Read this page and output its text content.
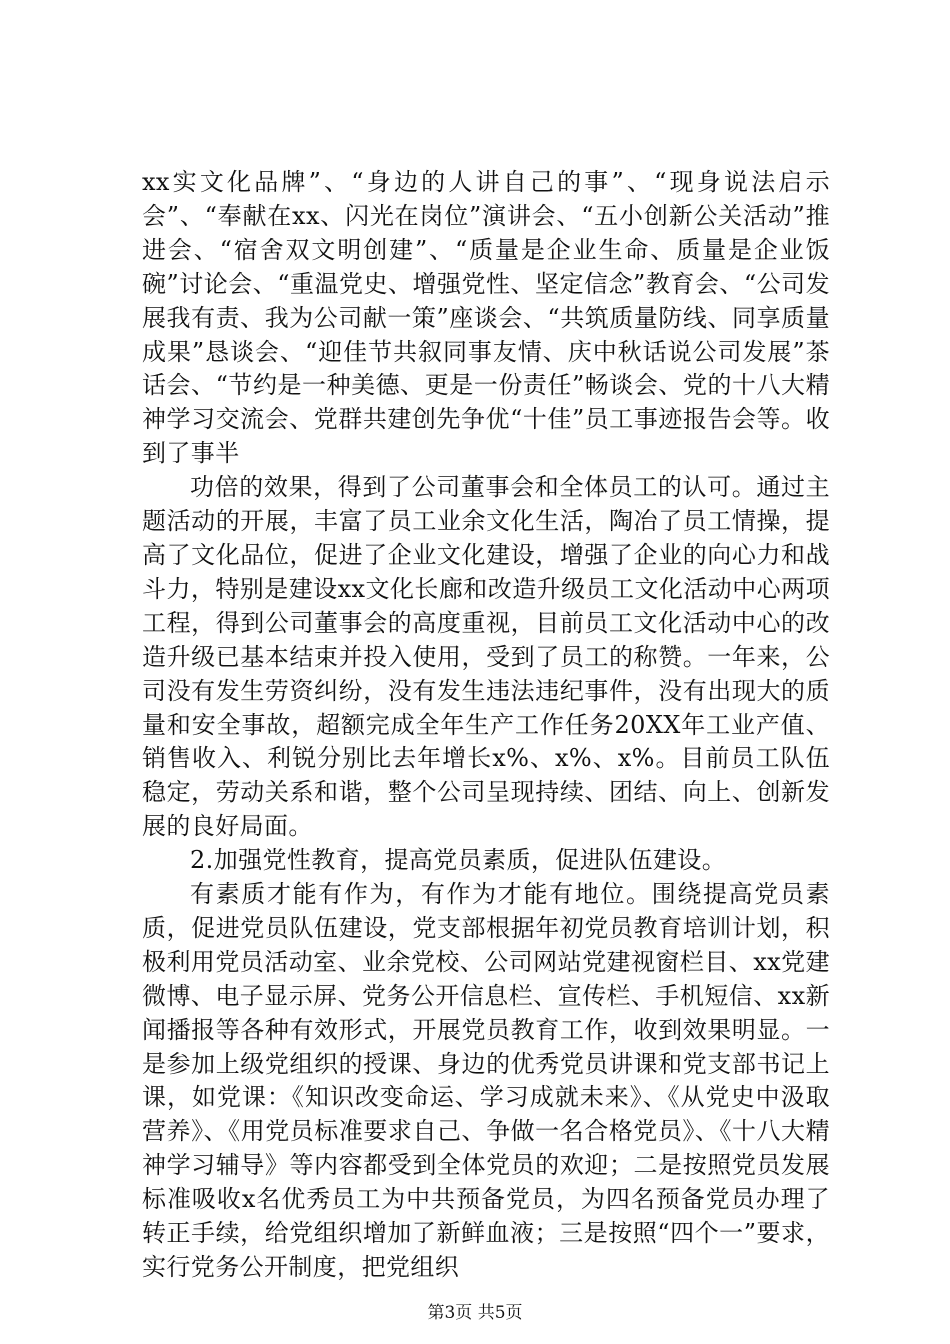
xx实文化品牌”、“身边的人讲自己的事”、“现身说法启示会”、“奉献在xx、闪光在岗位”演讲会、“五小创新公关活动”推进会、“宿舍双文明创建”、“质量是企业生命、质量是企业饭碗”讨论会、“重温党史、增强党性、坚定信念”教育会、“公司发展我有责、我为公司献一策”座谈会、“共筑质量防线、同享质量成果”恳谈会、“迎佳节共叙同事友情、庆中秋话说公司发展”茶话会、“节约是一种美德、更是一份责任”畅谈会、党的十八大精神学习交流会、党群共建创先争优“十佳”员工事迹报告会等。收到了事半

功倍的效果，得到了公司董事会和全体员工的认可。通过主题活动的开展，丰富了员工业余文化生活，陶冶了员工情操，提高了文化品位，促进了企业文化建设，增强了企业的向心力和战斗力，特别是建设xx文化长廊和改造升级员工文化活动中心两项工程，得到公司董事会的高度重视，目前员工文化活动中心的改造升级已基本结束并投入使用，受到了员工的称赞。一年来，公司没有发生劳资纠纷，没有发生违法违纪事件，没有出现大的质量和安全事故，超额完成全年生产工作任务20XX年工业产值、销售收入、利锐分别比去年增长x%、x%、x%。目前员工队伍稳定，劳动关系和谐，整个公司呈现持续、团结、向上、创新发展的良好局面。

2.加强党性教育，提高党员素质，促进队伍建设。

有素质才能有作为，有作为才能有地位。围绕提高党员素质，促进党员队伍建设，党支部根据年初党员教育培训计划，积极利用党员活动室、业余党校、公司网站党建视窗栏目、xx党建微博、电子显示屏、党务公开信息栏、宣传栏、手机短信、xx新闻播报等各种有效形式，开展党员教育工作，收到效果明显。一是参加上级党组织的授课、身边的优秀党员讲课和党支部书记上课，如党课：《知识改变命运、学习成就未来》、《从党史中汲取营养》、《用党员标准要求自己、争做一名合格党员》、《十八大精神学习辅导》等内容都受到全体党员的欢迎；二是按照党员发展标准吸收x名优秀员工为中共预备党员，为四名预备党员办理了转正手续，给党组织增加了新鲜血液；三是按照“四个一”要求，实行党务公开制度，把党组织

第3页 共5页
